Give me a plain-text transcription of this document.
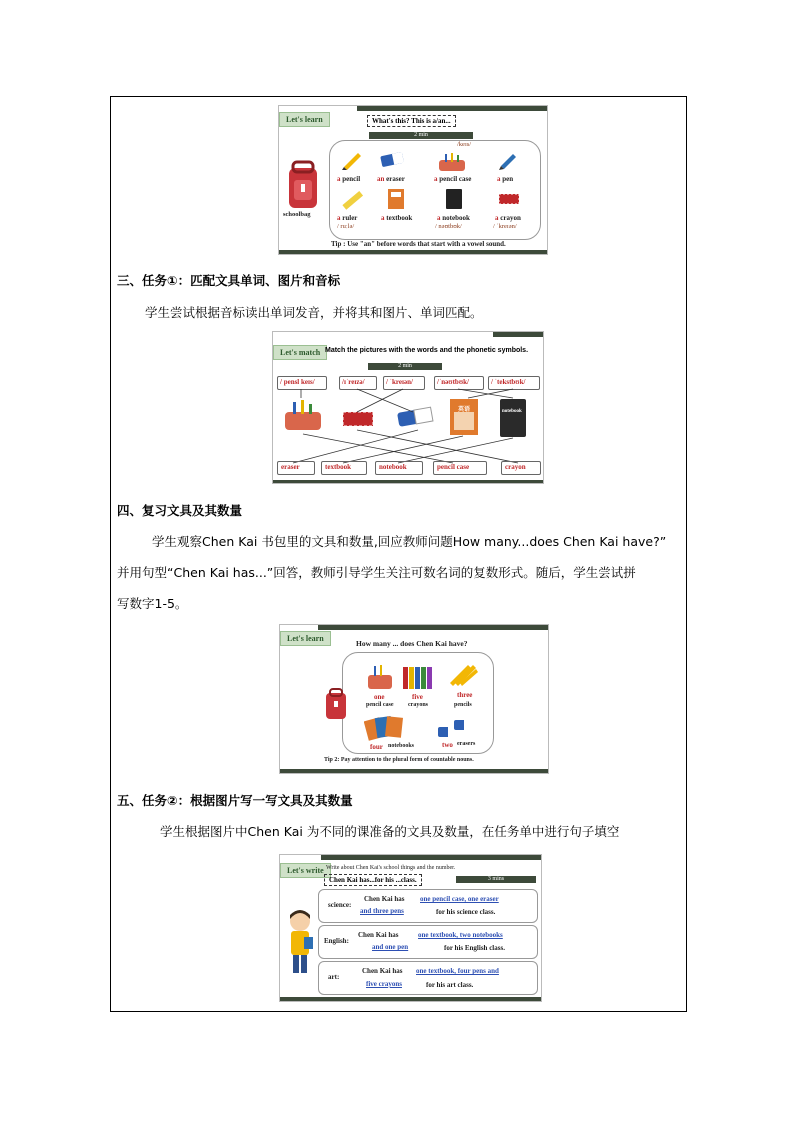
Let's learn	What's this? This is a/an...
2 min
schoolbag
a pencil an eraser
/keɪs/
a pencil case	a pen
a ruler
/ ruːlə/
a textbook	a notebook
/ nəʊtbʊk/
a crayon
/ ˈkreɪən/
Tip : Use "an" before words that start with a vowel sound.
三、任务①：匹配文具单词、图片和音标
学生尝试根据音标读出单词发音，并将其和图片、单词匹配。
Let's match Match the pictures with the words and the phonetic symbols.
2 min
/ pensl keɪs/	/ɪˈreɪzə/	/ ˈkreɪən/	/ˈnəʊtbʊk/	/ ˈtekstbʊk/
英语	notebook
eraser	textbook	notebook	pencil case	crayon
四、复习文具及其数量
学生观察Chen Kai 书包里的文具和数量,回应教师问题How many...does Chen Kai have?”
并用句型“Chen Kai has...”回答，教师引导学生关注可数名词的复数形式。随后，学生尝试拼
写数字1-5。
Let's learn
How many ... does Chen Kai have?
one
pencil case
five
crayons
three
pencils
four notebooks	two erasers
Tip 2: Pay attention to the plural form of countable nouns.
五、任务②：根据图片写一写文具及其数量
学生根据图片中Chen Kai 为不同的课准备的文具及数量，在任务单中进行句子填空
Let's write Write about Chen Kai's school things and the number.
Chen Kai has...for his ...class.	3 mins
science:
Chen Kai has one pencil case, one eraser
and three pens	for his science class.
English:
Chen Kai has	one textbook, two notebooks
and one pen	for his English class.
art:
Chen Kai has one textbook, four pens and
five crayons	for his art class.
